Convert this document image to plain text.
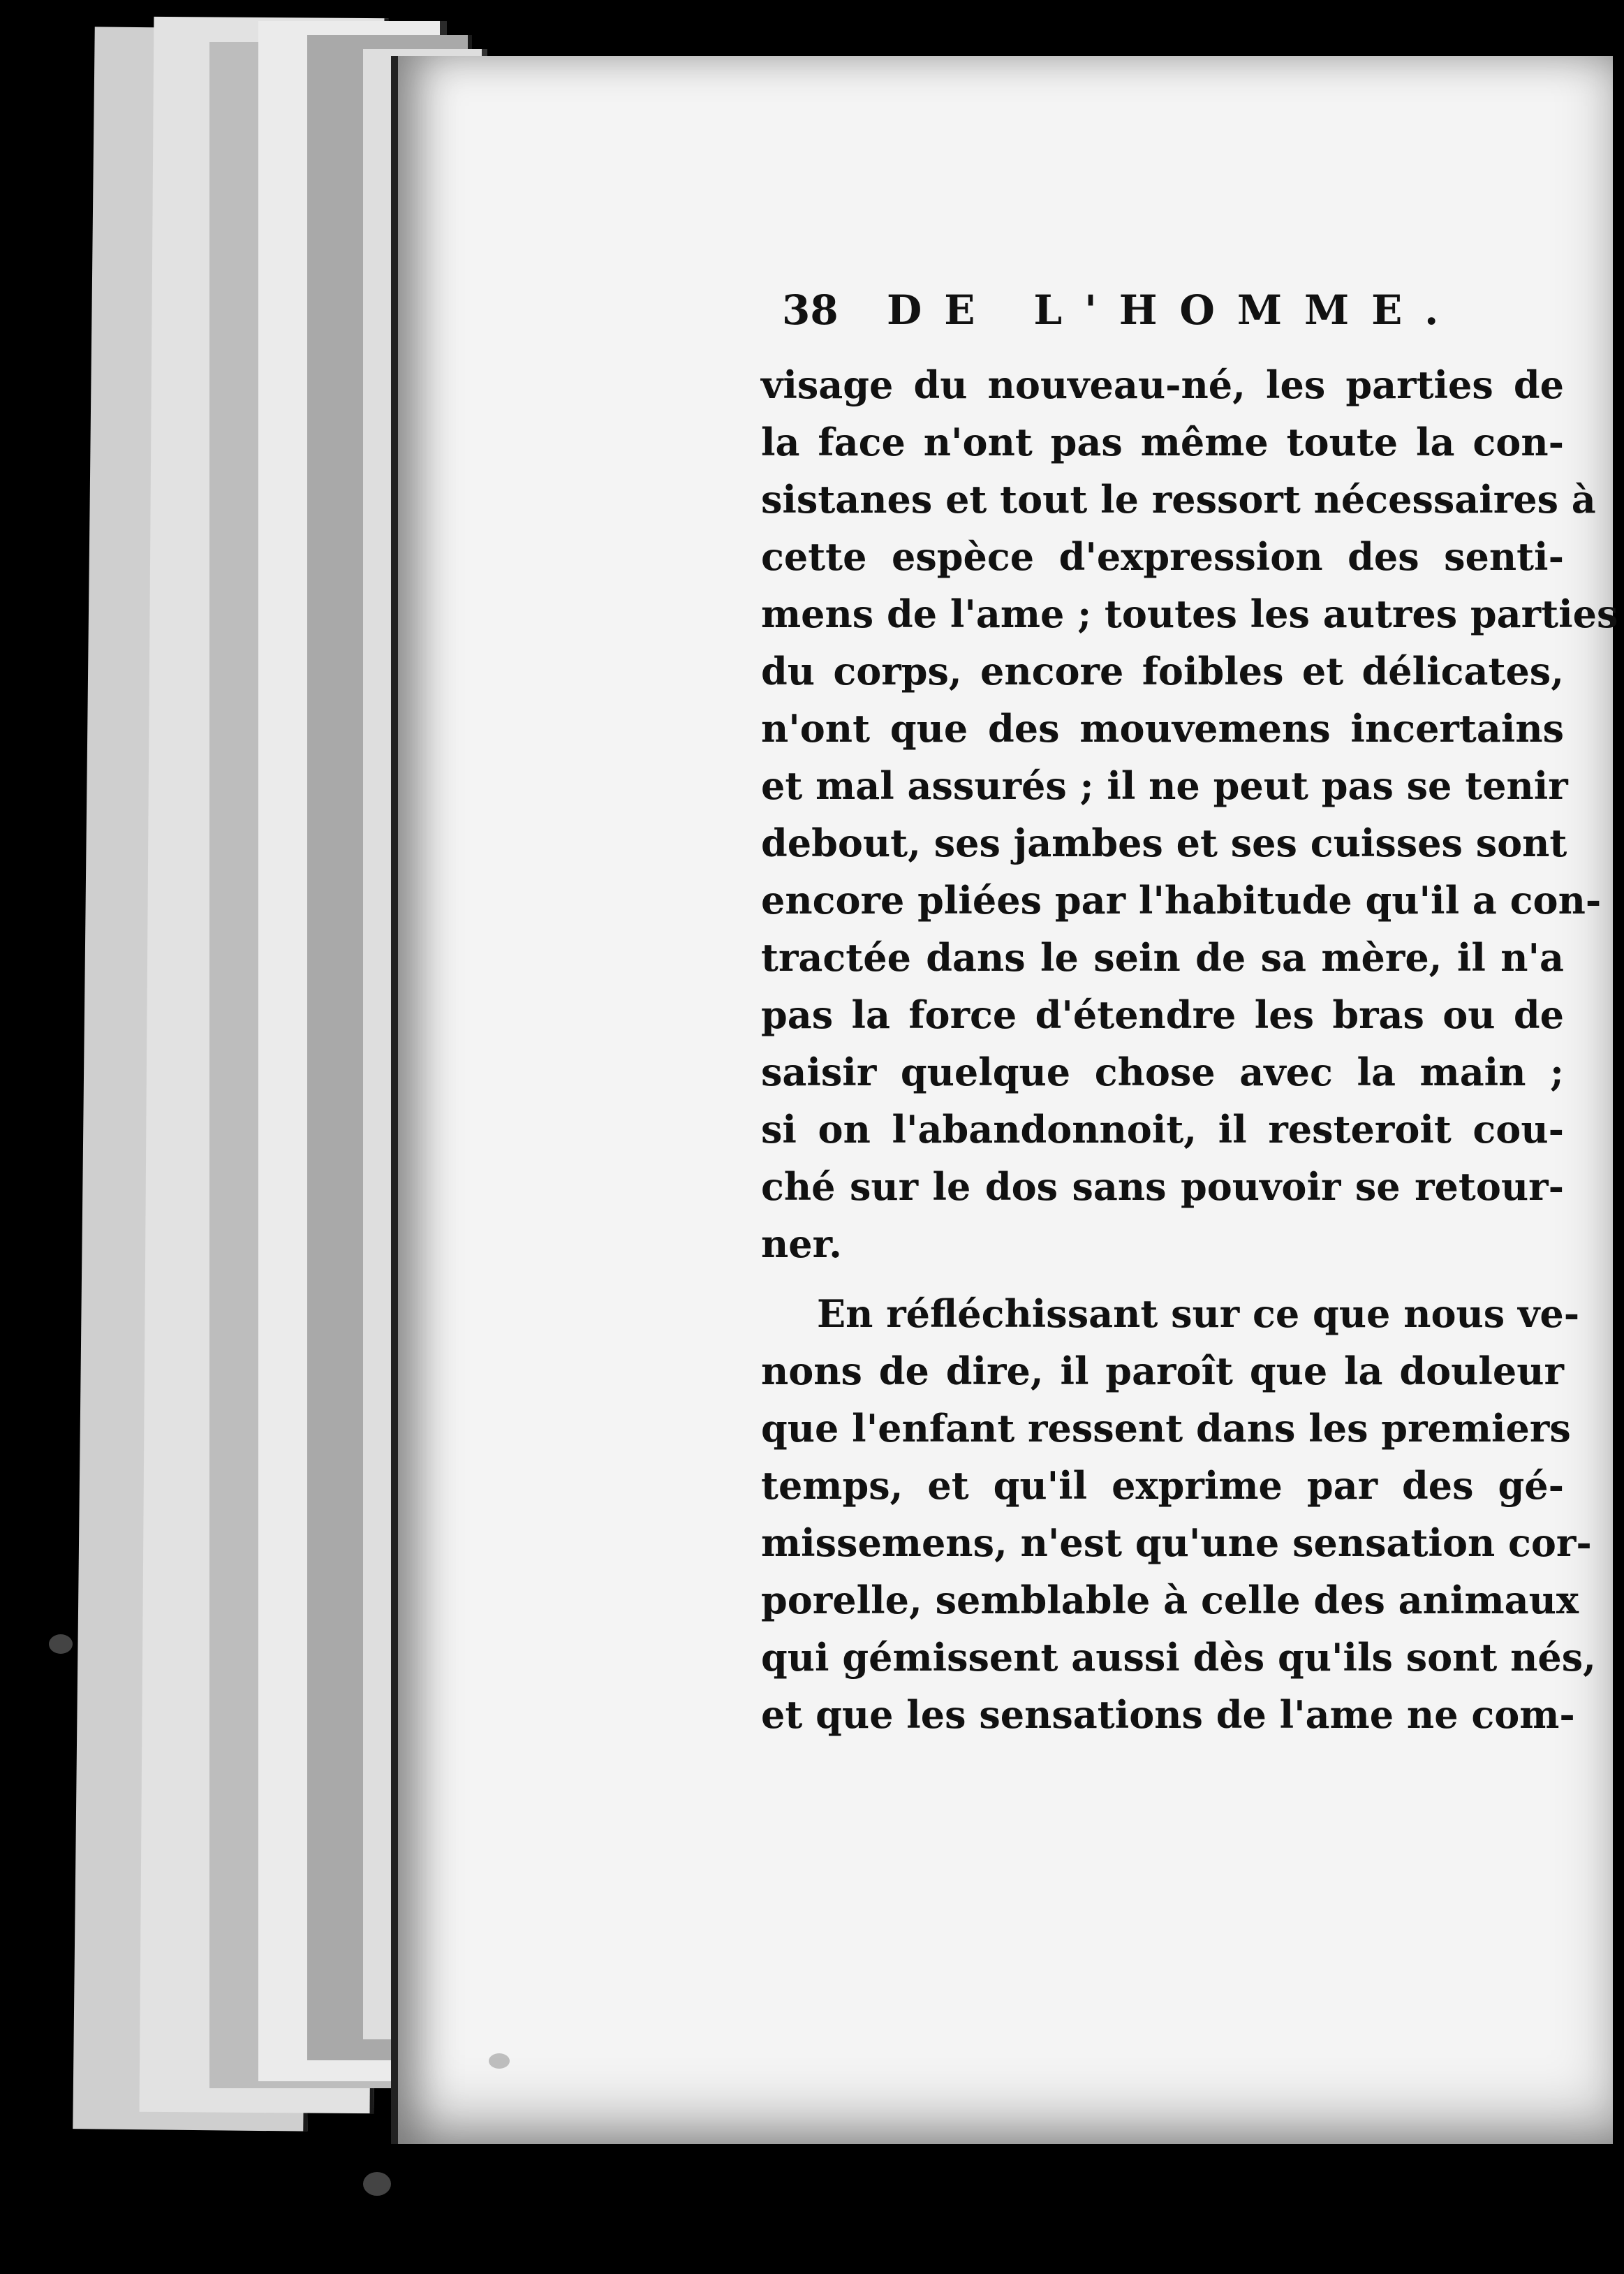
38	DE L'HOMME.
visage du nouveau-né, les parties de
la face n'ont pas même toute la con-
sistanes et tout le ressort nécessaires à
cette espèce d'expression des senti-
mens de l'ame ; toutes les autres parties
du corps, encore foibles et délicates,
n'ont que des mouvemens incertains
et mal assurés ; il ne peut pas se tenir
debout, ses jambes et ses cuisses sont
encore pliées par l'habitude qu'il a con-
tractée dans le sein de sa mère, il n'a
pas la force d'étendre les bras ou de
saisir quelque chose avec la main ;
si on l'abandonnoit, il resteroit cou-
ché sur le dos sans pouvoir se retour-
ner.
En réfléchissant sur ce que nous ve-
nons de dire, il paroît que la douleur
que l'enfant ressent dans les premiers
temps, et qu'il exprime par des gé-
missemens, n'est qu'une sensation cor-
porelle, semblable à celle des animaux
qui gémissent aussi dès qu'ils sont nés,
et que les sensations de l'ame ne com-
